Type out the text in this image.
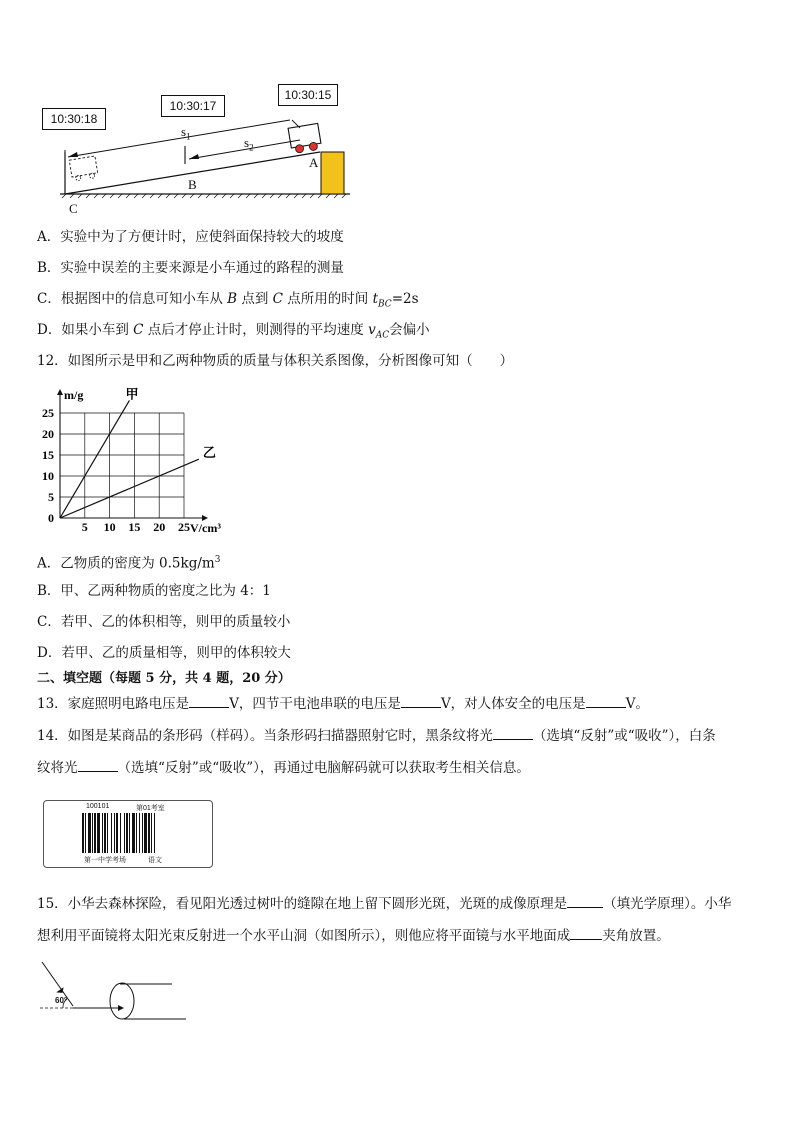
10:30:18
10:30:17
10:30:15
$s_1$	$s_2$
A
B
C
A．实验中为了方便计时，应使斜面保持较大的坡度
B．实验中误差的主要来源是小车通过的路程的测量
C．根据图中的信息可知小车从 B 点到 C 点所用的时间 $t_{BC}=2s$
D．如果小车到 C 点后才停止计时，则测得的平均速度 $v_{AC}$会偏小
12．如图所示是甲和乙两种物质的质量与体积关系图像，分析图像可知（　　）
5 10 15 20 25
5
10
15
20
25
0
V/cm³
m/g	甲
乙
A．乙物质的密度为 $0.5kg/m^3$
B．甲、乙两种物质的密度之比为 4：1
C．若甲、乙的体积相等，则甲的质量较小
D．若甲、乙的质量相等，则甲的体积较大
二、填空题（每题 5 分，共 4 题，20 分）
13．家庭照明电路电压是	V，四节干电池串联的电压是	V，对人体安全的电压是	V。
14．如图是某商品的条形码（样码）。当条形码扫描器照射它时，黑条纹将光	（选填“反射”或“吸收”），白条
纹将光	（选填“反射”或“吸收”），再通过电脑解码就可以获取考生相关信息。
100101	第01考室
第一中学考场	语文
15．小华去森林探险，看见阳光透过树叶的缝隙在地上留下圆形光斑，光斑的成像原理是	（填光学原理）。小华
想利用平面镜将太阳光束反射进一个水平山洞（如图所示），则他应将平面镜与水平地面成 夹角放置。
60°
